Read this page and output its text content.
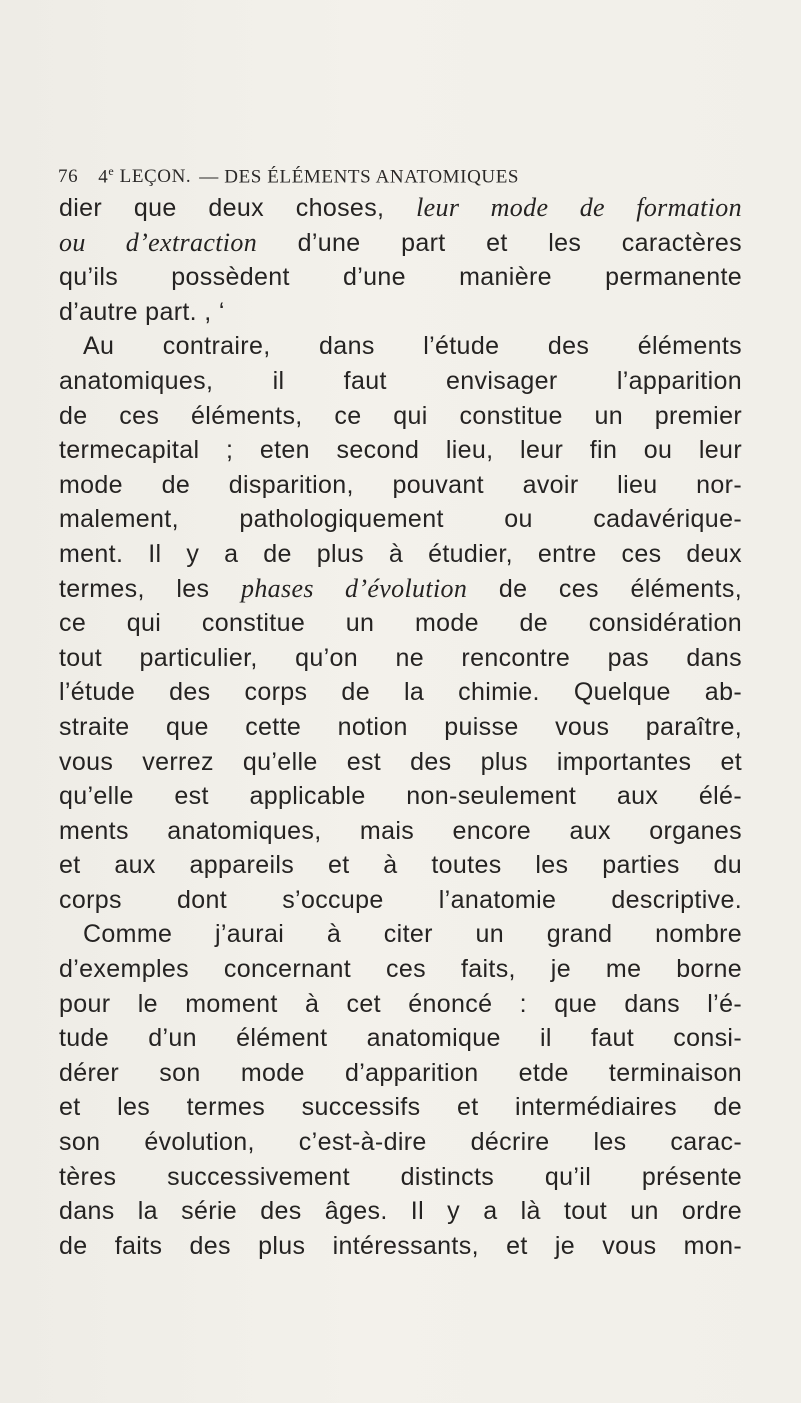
76 4e LEÇON. — DES ÉLÉMENTS ANATOMIQUES
dier que deux choses, leur mode de formation
ou d’extraction d’une part et les caractères
qu’ils possèdent d’une manière permanente
d’autre part. , ‘
Au contraire, dans l’étude des éléments
anatomiques, il faut envisager l’apparition
de ces éléments, ce qui constitue un premier
termecapital ; eten second lieu, leur fin ou leur
mode de disparition, pouvant avoir lieu nor-
malement, pathologiquement ou cadavérique-
ment. Il y a de plus à étudier, entre ces deux
termes, les phases d’évolution de ces éléments,
ce qui constitue un mode de considération
tout particulier, qu’on ne rencontre pas dans
l’étude des corps de la chimie. Quelque ab-
straite que cette notion puisse vous paraître,
vous verrez qu’elle est des plus importantes et
qu’elle est applicable non-seulement aux élé-
ments anatomiques, mais encore aux organes
et aux appareils et à toutes les parties du
corps dont s’occupe l’anatomie descriptive.
Comme j’aurai à citer un grand nombre
d’exemples concernant ces faits, je me borne
pour le moment à cet énoncé : que dans l’é-
tude d’un élément anatomique il faut consi-
dérer son mode d’apparition etde terminaison
et les termes successifs et intermédiaires de
son évolution, c’est-à-dire décrire les carac-
tères successivement distincts qu’il présente
dans la série des âges. Il y a là tout un ordre
de faits des plus intéressants, et je vous mon-
